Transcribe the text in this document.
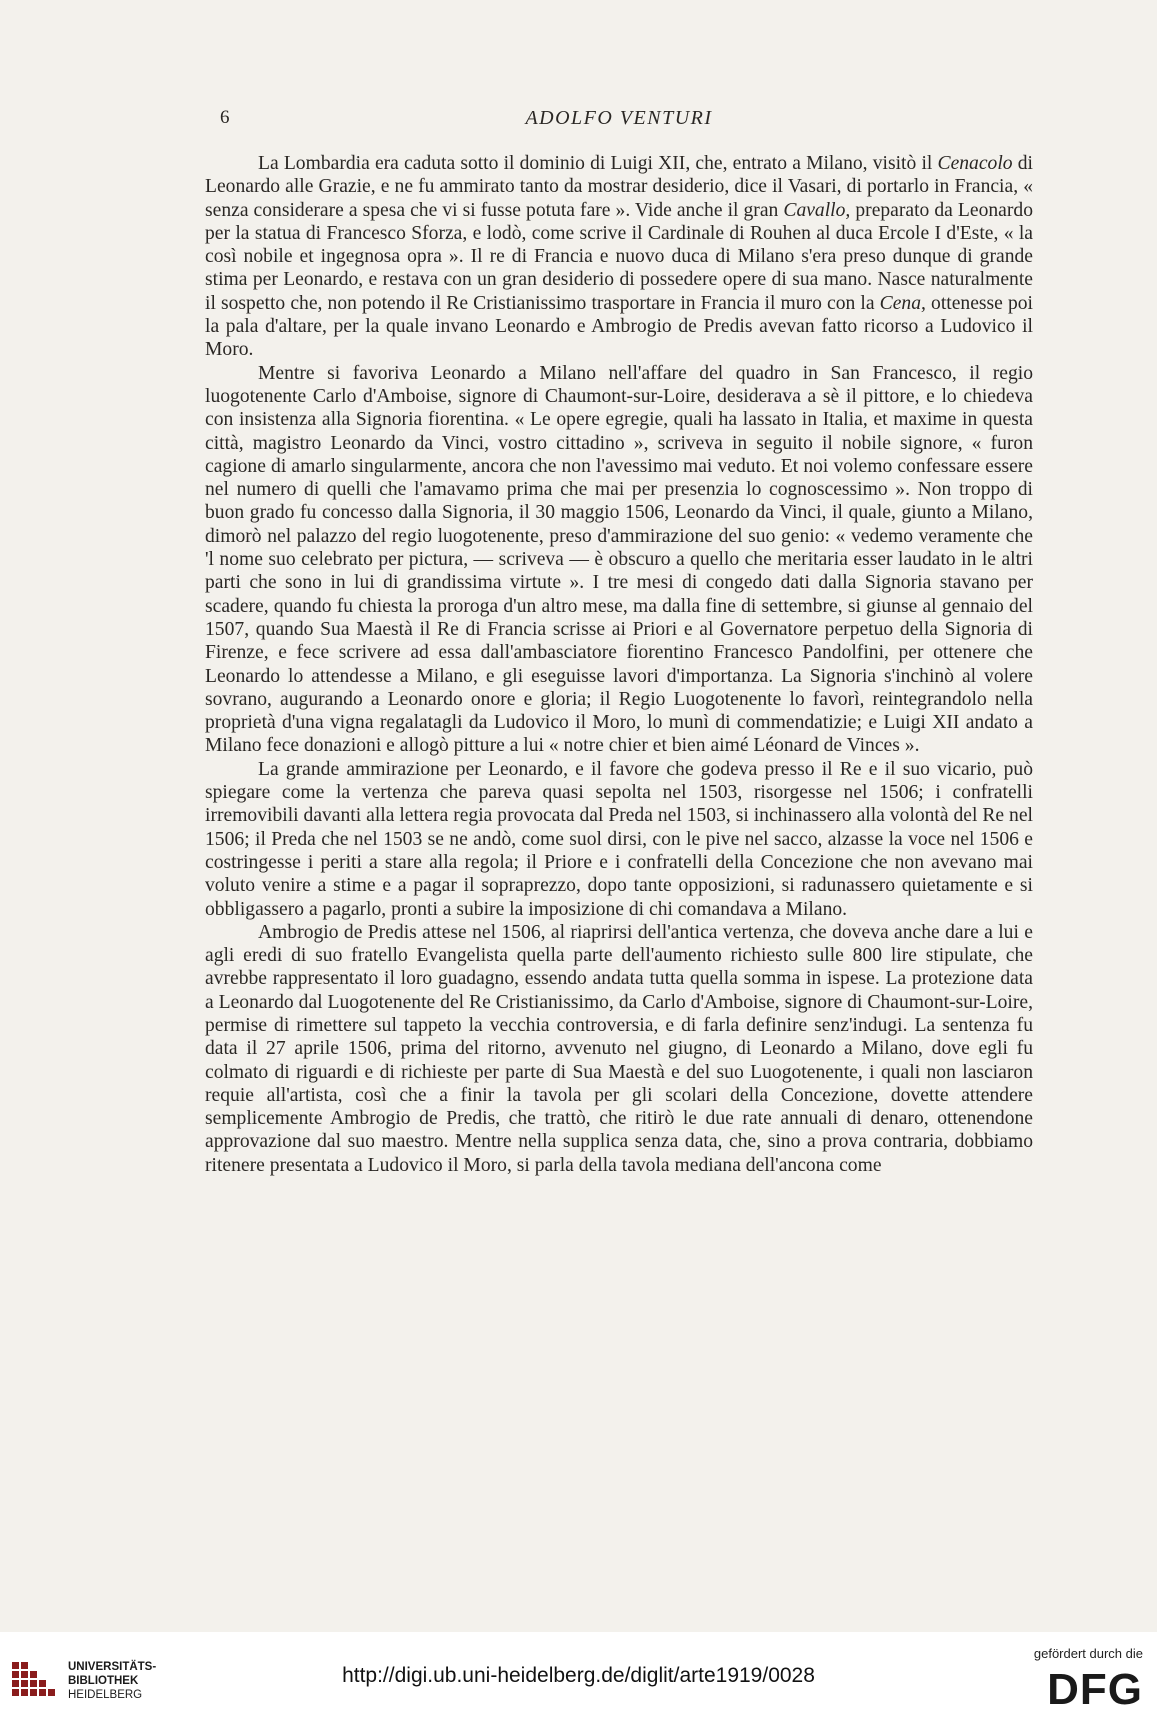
6	ADOLFO VENTURI

La Lombardia era caduta sotto il dominio di Luigi XII, che, entrato a Milano, visitò il Cenacolo di Leonardo alle Grazie, e ne fu ammirato tanto da mostrar desiderio, dice il Vasari, di portarlo in Francia, « senza considerare a spesa che vi si fusse potuta fare ». Vide anche il gran Cavallo, preparato da Leonardo per la statua di Francesco Sforza, e lodò, come scrive il Cardinale di Rouhen al duca Ercole I d'Este, « la così nobile et ingegnosa opra ». Il re di Francia e nuovo duca di Milano s'era preso dunque di grande stima per Leonardo, e restava con un gran desiderio di possedere opere di sua mano. Nasce naturalmente il sospetto che, non potendo il Re Cristianissimo trasportare in Francia il muro con la Cena, ottenesse poi la pala d'altare, per la quale invano Leonardo e Ambrogio de Predis avevan fatto ricorso a Ludovico il Moro.

Mentre si favoriva Leonardo a Milano nell'affare del quadro in San Francesco, il regio luogotenente Carlo d'Amboise, signore di Chaumont-sur-Loire, desiderava a sè il pittore, e lo chiedeva con insistenza alla Signoria fiorentina. « Le opere egregie, quali ha lassato in Italia, et maxime in questa città, magistro Leonardo da Vinci, vostro cittadino », scriveva in seguito il nobile signore, « furon cagione di amarlo singularmente, ancora che non l'avessimo mai veduto. Et noi volemo confessare essere nel numero di quelli che l'amavamo prima che mai per presenzia lo cognoscessimo ». Non troppo di buon grado fu concesso dalla Signoria, il 30 maggio 1506, Leonardo da Vinci, il quale, giunto a Milano, dimorò nel palazzo del regio luogotenente, preso d'ammirazione del suo genio: « vedemo veramente che 'l nome suo celebrato per pictura, — scriveva — è obscuro a quello che meritaria esser laudato in le altri parti che sono in lui di grandissima virtute ». I tre mesi di congedo dati dalla Signoria stavano per scadere, quando fu chiesta la proroga d'un altro mese, ma dalla fine di settembre, si giunse al gennaio del 1507, quando Sua Maestà il Re di Francia scrisse ai Priori e al Governatore perpetuo della Signoria di Firenze, e fece scrivere ad essa dall'ambasciatore fiorentino Francesco Pandolfini, per ottenere che Leonardo lo attendesse a Milano, e gli eseguisse lavori d'importanza. La Signoria s'inchinò al volere sovrano, augurando a Leonardo onore e gloria; il Regio Luogotenente lo favorì, reintegrandolo nella proprietà d'una vigna regalatagli da Ludovico il Moro, lo munì di commendatizie; e Luigi XII andato a Milano fece donazioni e allogò pitture a lui « notre chier et bien aimé Léonard de Vinces ».

La grande ammirazione per Leonardo, e il favore che godeva presso il Re e il suo vicario, può spiegare come la vertenza che pareva quasi sepolta nel 1503, risorgesse nel 1506; i confratelli irremovibili davanti alla lettera regia provocata dal Preda nel 1503, si inchinassero alla volontà del Re nel 1506; il Preda che nel 1503 se ne andò, come suol dirsi, con le pive nel sacco, alzasse la voce nel 1506 e costringesse i periti a stare alla regola; il Priore e i confratelli della Concezione che non avevano mai voluto venire a stime e a pagar il sopraprezzo, dopo tante opposizioni, si radunassero quietamente e si obbligassero a pagarlo, pronti a subire la imposizione di chi comandava a Milano.

Ambrogio de Predis attese nel 1506, al riaprirsi dell'antica vertenza, che doveva anche dare a lui e agli eredi di suo fratello Evangelista quella parte dell'aumento richiesto sulle 800 lire stipulate, che avrebbe rappresentato il loro guadagno, essendo andata tutta quella somma in ispese. La protezione data a Leonardo dal Luogotenente del Re Cristianissimo, da Carlo d'Amboise, signore di Chaumont-sur-Loire, permise di rimettere sul tappeto la vecchia controversia, e di farla definire senz'indugi. La sentenza fu data il 27 aprile 1506, prima del ritorno, avvenuto nel giugno, di Leonardo a Milano, dove egli fu colmato di riguardi e di richieste per parte di Sua Maestà e del suo Luogotenente, i quali non lasciaron requie all'artista, così che a finir la tavola per gli scolari della Concezione, dovette attendere semplicemente Ambrogio de Predis, che trattò, che ritirò le due rate annuali di denaro, ottenendone approvazione dal suo maestro. Mentre nella supplica senza data, che, sino a prova contraria, dobbiamo ritenere presentata a Ludovico il Moro, si parla della tavola mediana dell'ancona come

UNIVERSITÄTS-
BIBLIOTHEK
HEIDELBERG
http://digi.ub.uni-heidelberg.de/diglit/arte1919/0028
gefördert durch die
DFG
